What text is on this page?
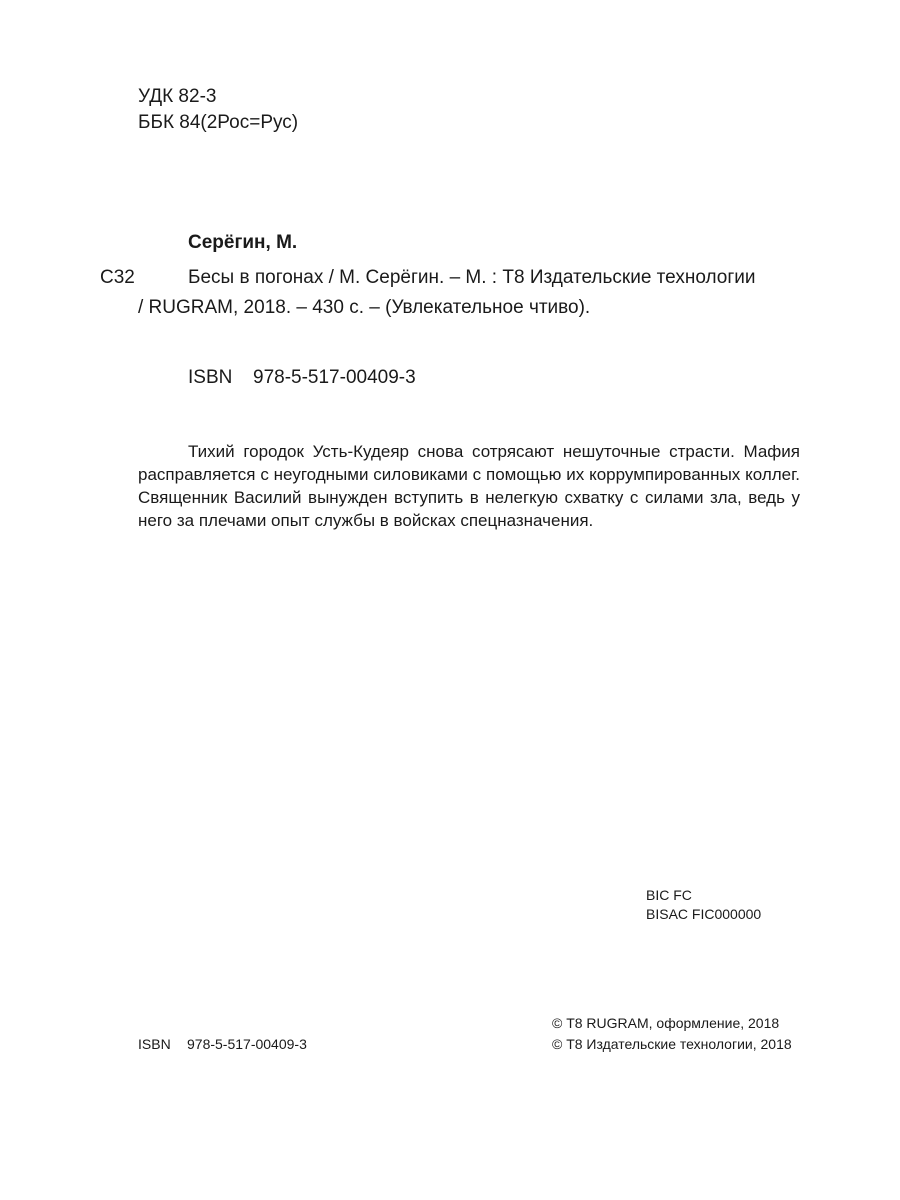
УДК 82-3
ББК 84(2Рос=Рус)
Серёгин, М.
С32	Бесы в погонах / М. Серёгин. – М. : Т8 Издательские технологии
/ RUGRAM, 2018. – 430 с. – (Увлекательное чтиво).
ISBN 978-5-517-00409-3

Тихий городок Усть-Кудеяр снова сотрясают нешуточные страсти. Мафия расправляется с неугодными силовиками с помощью их коррумпированных коллег. Священник Василий вынужден вступить в нелегкую схватку с силами зла, ведь у него за плечами опыт службы в войсках спецназначения.

BIC FC
BISAC FIC000000
© Т8 RUGRAM, оформление, 2018
© Т8 Издательские технологии, 2018
ISBN 978-5-517-00409-3
